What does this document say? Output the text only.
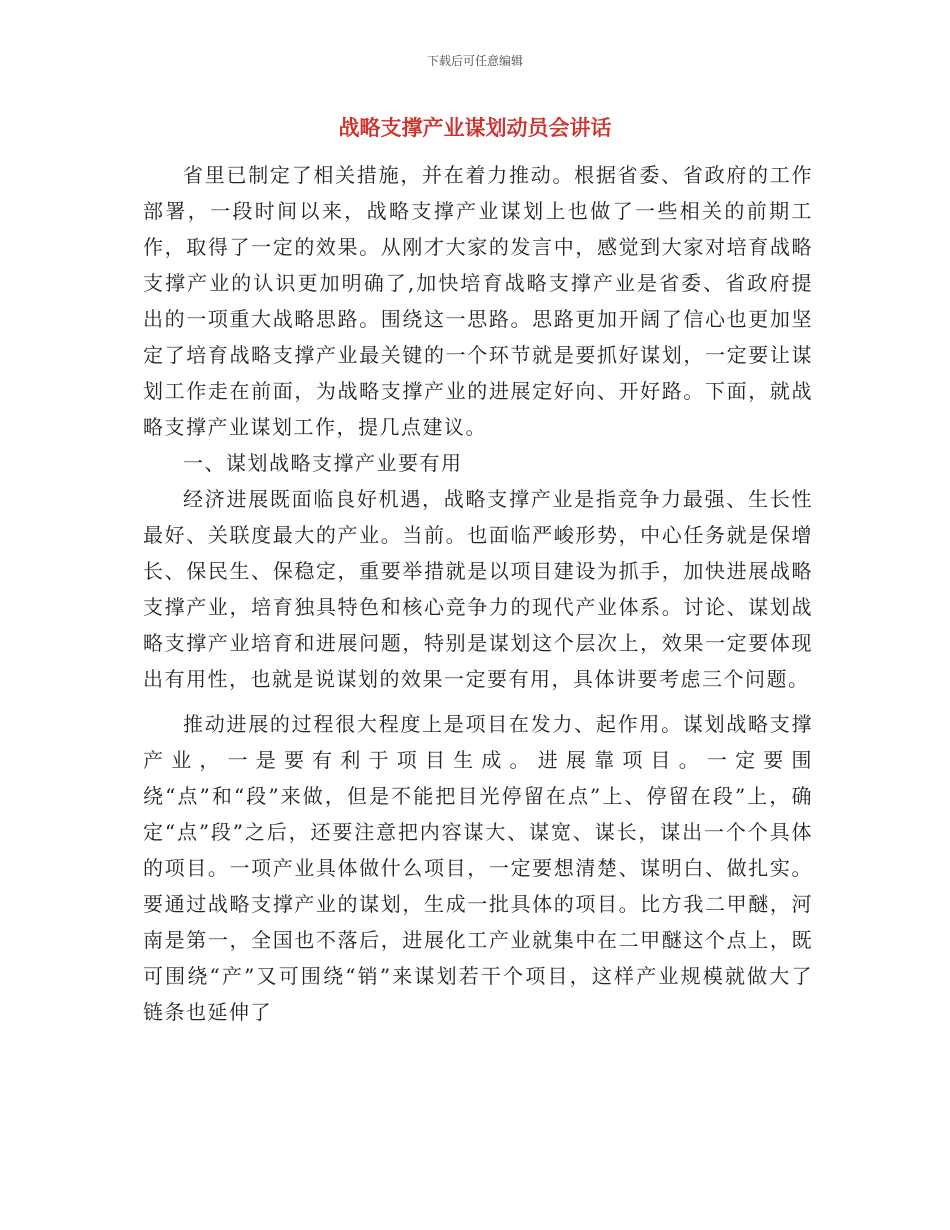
下载后可任意编辑
战略支撑产业谋划动员会讲话

省里已制定了相关措施，并在着力推动。根据省委、省政府的工作部署，一段时间以来，战略支撑产业谋划上也做了一些相关的前期工作，取得了一定的效果。从刚才大家的发言中，感觉到大家对培育战略支撑产业的认识更加明确了,加快培育战略支撑产业是省委、省政府提出的一项重大战略思路。围绕这一思路。思路更加开阔了信心也更加坚定了培育战略支撑产业最关键的一个环节就是要抓好谋划，一定要让谋划工作走在前面，为战略支撑产业的进展定好向、开好路。下面，就战略支撑产业谋划工作，提几点建议。

一、谋划战略支撑产业要有用

经济进展既面临良好机遇，战略支撑产业是指竞争力最强、生长性最好、关联度最大的产业。当前。也面临严峻形势，中心任务就是保增长、保民生、保稳定，重要举措就是以项目建设为抓手，加快进展战略支撑产业，培育独具特色和核心竞争力的现代产业体系。讨论、谋划战略支撑产业培育和进展问题，特别是谋划这个层次上，效果一定要体现出有用性，也就是说谋划的效果一定要有用，具体讲要考虑三个问题。

推动进展的过程很大程度上是项目在发力、起作用。谋划战略支撑产业，一是要有利于项目生成。进展靠项目。一定要围绕“点”和“段”来做，但是不能把目光停留在点”上、停留在段”上，确定“点”段”之后，还要注意把内容谋大、谋宽、谋长，谋出一个个具体的项目。一项产业具体做什么项目，一定要想清楚、谋明白、做扎实。要通过战略支撑产业的谋划，生成一批具体的项目。比方我二甲醚，河南是第一，全国也不落后，进展化工产业就集中在二甲醚这个点上，既可围绕“产”又可围绕“销”来谋划若干个项目，这样产业规模就做大了链条也延伸了
